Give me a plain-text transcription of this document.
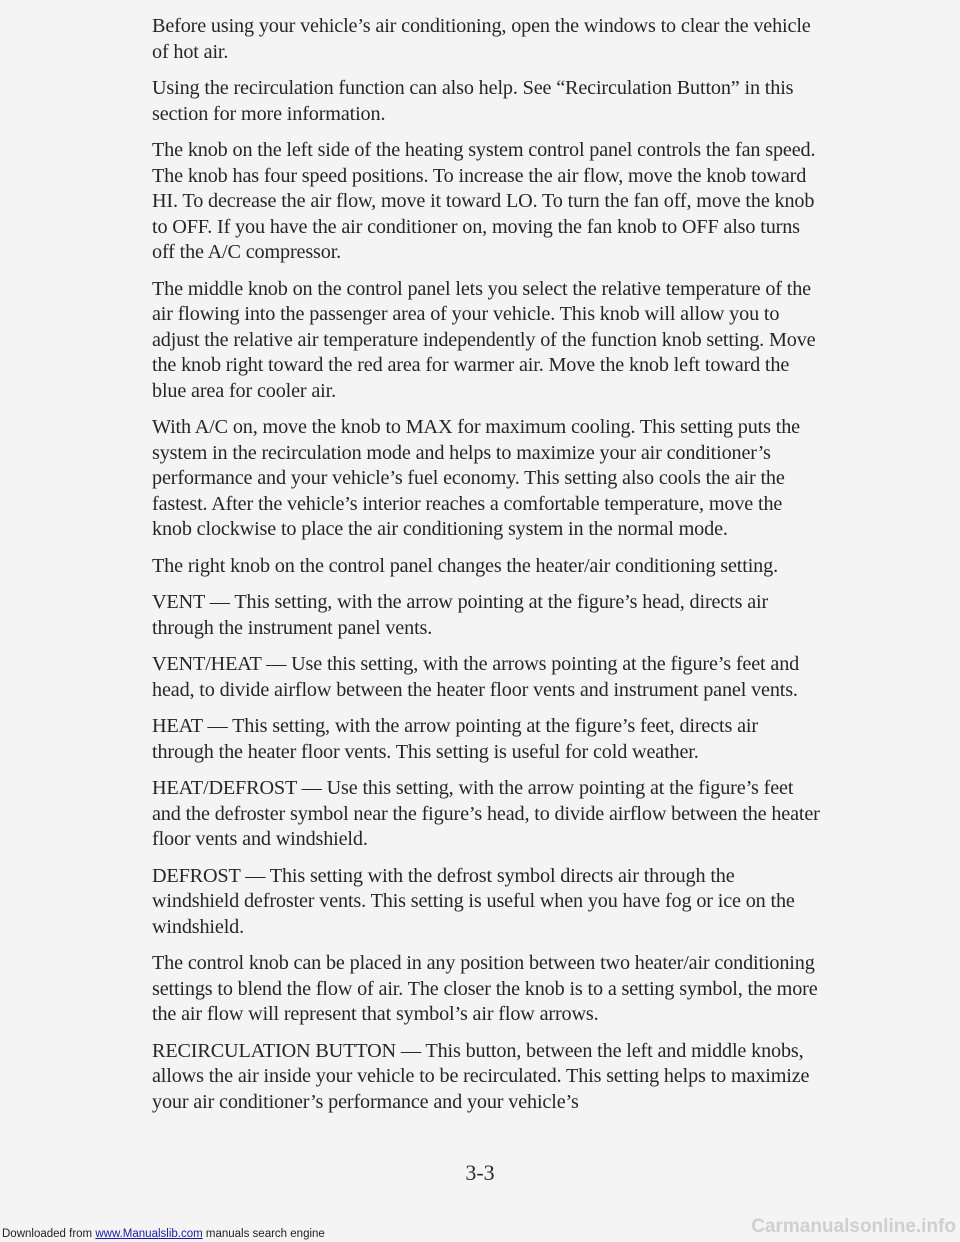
Before using your vehicle’s air conditioning, open the windows to clear the vehicle of hot air.

Using the recirculation function can also help. See “Recirculation Button” in this section for more information.

The knob on the left side of the heating system control panel controls the fan speed. The knob has four speed positions. To increase the air flow, move the knob toward HI. To decrease the air flow, move it toward LO. To turn the fan off, move the knob to OFF. If you have the air conditioner on, moving the fan knob to OFF also turns off the A/C compressor.

The middle knob on the control panel lets you select the relative temperature of the air flowing into the passenger area of your vehicle. This knob will allow you to adjust the relative air temperature independently of the function knob setting. Move the knob right toward the red area for warmer air. Move the knob left toward the blue area for cooler air.

With A/C on, move the knob to MAX for maximum cooling. This setting puts the system in the recirculation mode and helps to maximize your air conditioner’s performance and your vehicle’s fuel economy. This setting also cools the air the fastest. After the vehicle’s interior reaches a comfortable temperature, move the knob clockwise to place the air conditioning system in the normal mode.

The right knob on the control panel changes the heater/air conditioning setting.

VENT — This setting, with the arrow pointing at the figure’s head, directs air through the instrument panel vents.

VENT/HEAT — Use this setting, with the arrows pointing at the figure’s feet and head, to divide airflow between the heater floor vents and instrument panel vents.

HEAT — This setting, with the arrow pointing at the figure’s feet, directs air through the heater floor vents. This setting is useful for cold weather.

HEAT/DEFROST — Use this setting, with the arrow pointing at the figure’s feet and the defroster symbol near the figure’s head, to divide airflow between the heater floor vents and windshield.

DEFROST — This setting with the defrost symbol directs air through the windshield defroster vents. This setting is useful when you have fog or ice on the windshield.

The control knob can be placed in any position between two heater/air conditioning settings to blend the flow of air. The closer the knob is to a setting symbol, the more the air flow will represent that symbol’s air flow arrows.

RECIRCULATION BUTTON — This button, between the left and middle knobs, allows the air inside your vehicle to be recirculated. This setting helps to maximize your air conditioner’s performance and your vehicle’s

3-3
Downloaded from www.Manualslib.com manuals search engine	Carmanualsonline.info
